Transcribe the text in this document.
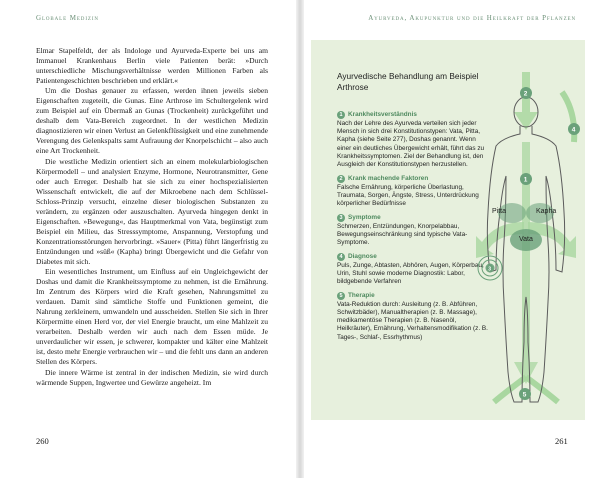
Globale Medizin	Ayurveda, Akupunktur und die Heilkraft der Pflanzen

Elmar Stapelfeldt, der als Indologe und Ayurveda-Experte bei uns am Immanuel Krankenhaus Berlin viele Patienten berät: »Durch unterschiedliche Mischungsverhältnisse werden Millionen Farben als Patientengeschichten beschrieben und erklärt.«

Um die Doshas genauer zu erfassen, werden ihnen jeweils sieben Eigenschaften zugeteilt, die Gunas. Eine Arthrose im Schultergelenk wird zum Beispiel auf ein Übermaß an Gunas (Trockenheit) zurückgeführt und deshalb dem Vata-Bereich zugeordnet. In der westlichen Medizin diagnostizieren wir einen Verlust an Gelenkflüssigkeit und eine zunehmende Verengung des Gelenkspalts samt Aufrauung der Knorpelschicht – also auch eine Art Trockenheit.

Die westliche Medizin orientiert sich an einem molekularbiologischen Körpermodell – und analysiert Enzyme, Hormone, Neurotransmitter, Gene oder auch Erreger. Deshalb hat sie sich zu einer hochspezialisierten Wissenschaft entwickelt, die auf der Mikroebene nach dem Schlüssel-Schloss-Prinzip versucht, einzelne dieser biologischen Substanzen zu verändern, zu ergänzen oder auszuschalten. Ayurveda hingegen denkt in Eigenschaften. »Bewegung«, das Hauptmerkmal von Vata, begünstigt zum Beispiel ein Milieu, das Stresssymptome, Anspannung, Verstopfung und Konzentrationsstörungen hervorbringt. »Sauer« (Pitta) führt längerfristig zu Entzündungen und »süß« (Kapha) bringt Übergewicht und die Gefahr von Diabetes mit sich.

Ein wesentliches Instrument, um Einfluss auf ein Ungleichgewicht der Doshas und damit die Krankheitssymptome zu nehmen, ist die Ernährung. Im Zentrum des Körpers wird die Kraft gesehen, Nahrungsmittel zu verdauen. Damit sind sämtliche Stoffe und Funktionen gemeint, die Nahrung zerkleinern, umwandeln und ausscheiden. Stellen Sie sich in Ihrer Körpermitte einen Herd vor, der viel Energie braucht, um eine Mahlzeit zu verarbeiten. Deshalb werden wir auch nach dem Essen müde. Je unverdaulicher wir essen, je schwerer, kompakter und kälter eine Mahlzeit ist, desto mehr Energie verbrauchen wir – und die fehlt uns dann an anderen Stellen des Körpers.

Die innere Wärme ist zentral in der indischen Medizin, sie wird durch wärmende Suppen, Ingwertee und Gewürze angeheizt. Im

260
Ayurvedische Behandlung am Beispiel Arthrose
1 Krankheitsverständnis
Nach der Lehre des Ayurveda verteilen sich jeder Mensch in sich drei Konstitutionstypen: Vata, Pitta, Kapha (siehe Seite 277), Doshas genannt. Wenn einer ein deutliches Übergewicht erhält, führt das zu Krankheitssymptomen. Ziel der Behandlung ist, den Ausgleich der Konstitutionstypen herzustellen.
2 Krank machende Faktoren
Falsche Ernährung, körperliche Überlastung, Traumata, Sorgen, Ängste, Stress, Unterdrückung körperlicher Bedürfnisse
3 Symptome
Schmerzen, Entzündungen, Knorpelabbau, Bewegungseinschränkung sind typische Vata-Symptome.
4 Diagnose
Puls, Zunge, Abtasten, Abhören, Augen, Körperbau, Urin, Stuhl sowie moderne Diagnostik: Labor, bildgebende Verfahren
5 Therapie
Vata-Reduktion durch: Ausleitung (z. B. Abführen, Schwitzbäder), Manualtherapien (z. B. Massage), medikamentöse Therapien (z. B. Nasenöl, Heilkräuter), Ernährung, Verhaltensmodifikation (z. B. Tages-, Schlaf-, Essrhythmus)
2
4
1
3
5
Pitta	Kapha
Vata
261
